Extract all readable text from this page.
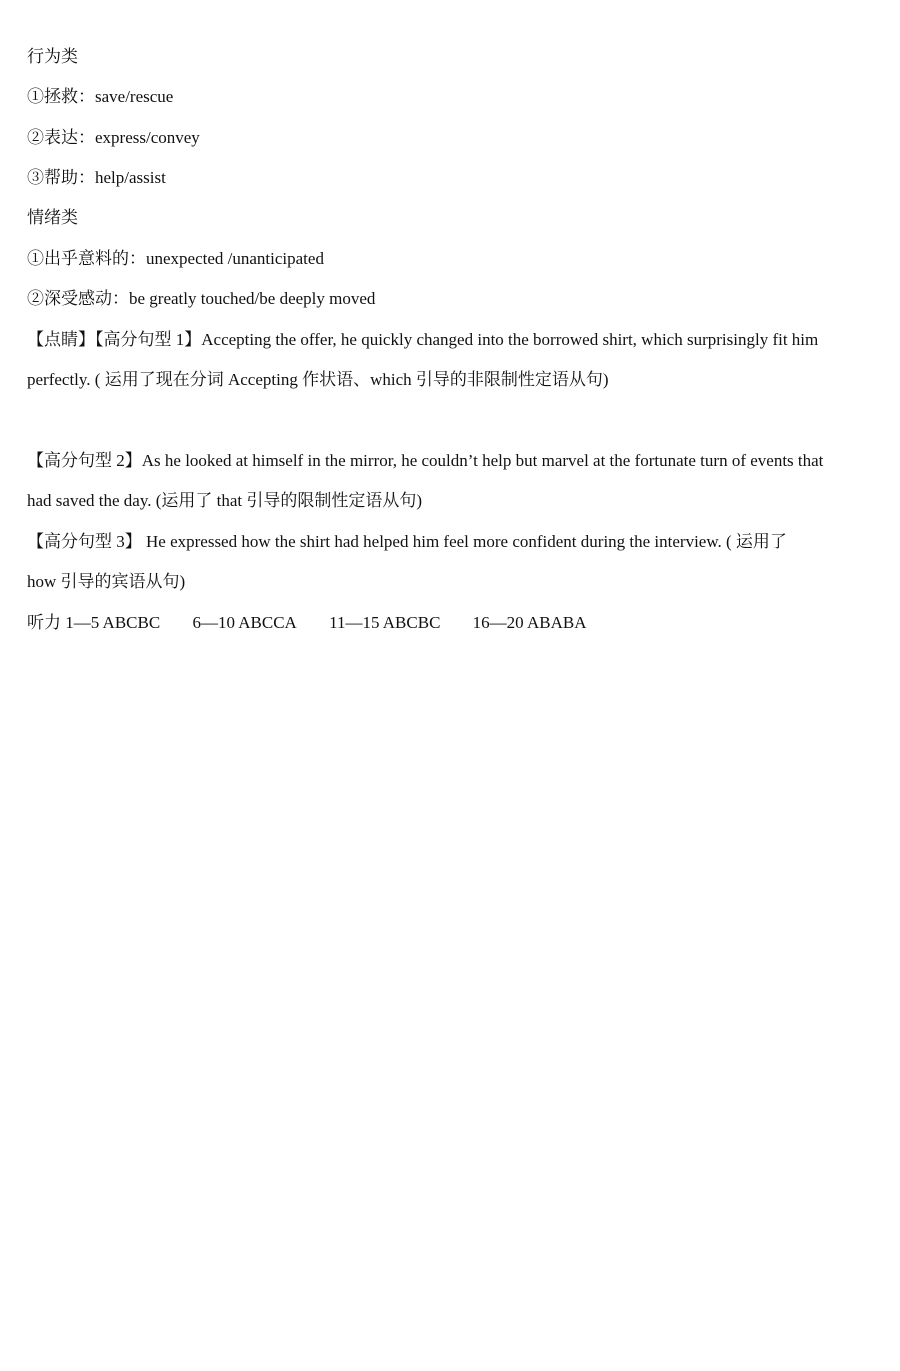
行为类
①拯救：save/rescue
②表达：express/convey
③帮助：help/assist
情绪类
①出乎意料的：unexpected /unanticipated
②深受感动：be greatly touched/be deeply moved
【点睛】【高分句型 1】Accepting the offer, he quickly changed into the borrowed shirt, which surprisingly fit him
perfectly. ( 运用了现在分词 Accepting 作状语、which 引导的非限制性定语从句)
【高分句型 2】As he looked at himself in the mirror, he couldn’t help but marvel at the fortunate turn of events that
had saved the day. (运用了 that 引导的限制性定语从句)
【高分句型 3】 He expressed how the shirt had helped him feel more confident during the interview. ( 运用了
how 引导的宾语从句)
听力 1—5 ABCBC 6—10 ABCCA 11—15 ABCBC 16—20 ABABA
